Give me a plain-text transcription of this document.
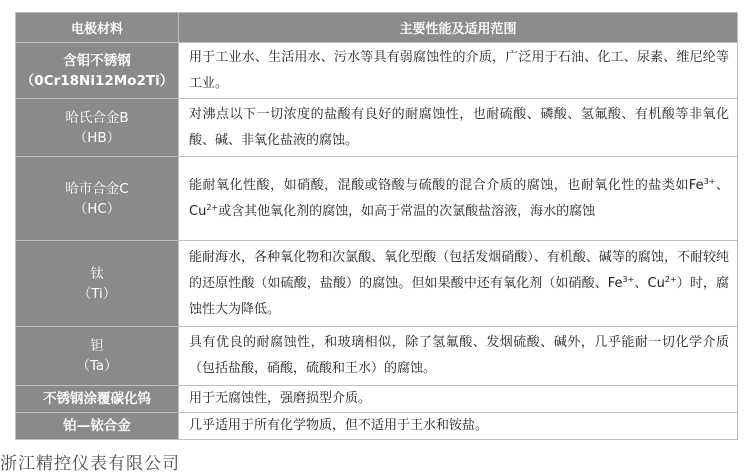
电极材料	主要性能及适用范围

含钼不锈钢
（0Cr18Ni12Mo2Ti）	用于工业水、生活用水、污水等具有弱腐蚀性的介质，广泛用于石油、化工、尿素、维尼纶等工业。

哈氏合金B
（HB）	对沸点以下一切浓度的盐酸有良好的耐腐蚀性，也耐硫酸、磷酸、氢氟酸、有机酸等非氧化酸、碱、非氧化盐液的腐蚀。

哈市合金C
（HC）	能耐氧化性酸，如硝酸，混酸或铬酸与硫酸的混合介质的腐蚀，也耐氧化性的盐类如$Fe^{3+}$、$Cu^{2+}$或含其他氧化剂的腐蚀，如高于常温的次氯酸盐溶液，海水的腐蚀

钛
（Ti）	能耐海水，各种氧化物和次氯酸、氧化型酸（包括发烟硝酸）、有机酸、碱等的腐蚀，不耐较纯的还原性酸（如硫酸，盐酸）的腐蚀。但如果酸中还有氧化剂（如硝酸、$Fe^{3+}$、$Cu^{2+}$）时，腐蚀性大为降低。

钽
（Ta）	具有优良的耐腐蚀性，和玻璃相似，除了氢氟酸、发烟硫酸、碱外，几乎能耐一切化学介质（包括盐酸，硝酸，硫酸和王水）的腐蚀。

不锈钢涂覆碳化钨	用于无腐蚀性，强磨损型介质。

铂—铱合金	几乎适用于所有化学物质，但不适用于王水和铵盐。
浙江精控仪表有限公司
